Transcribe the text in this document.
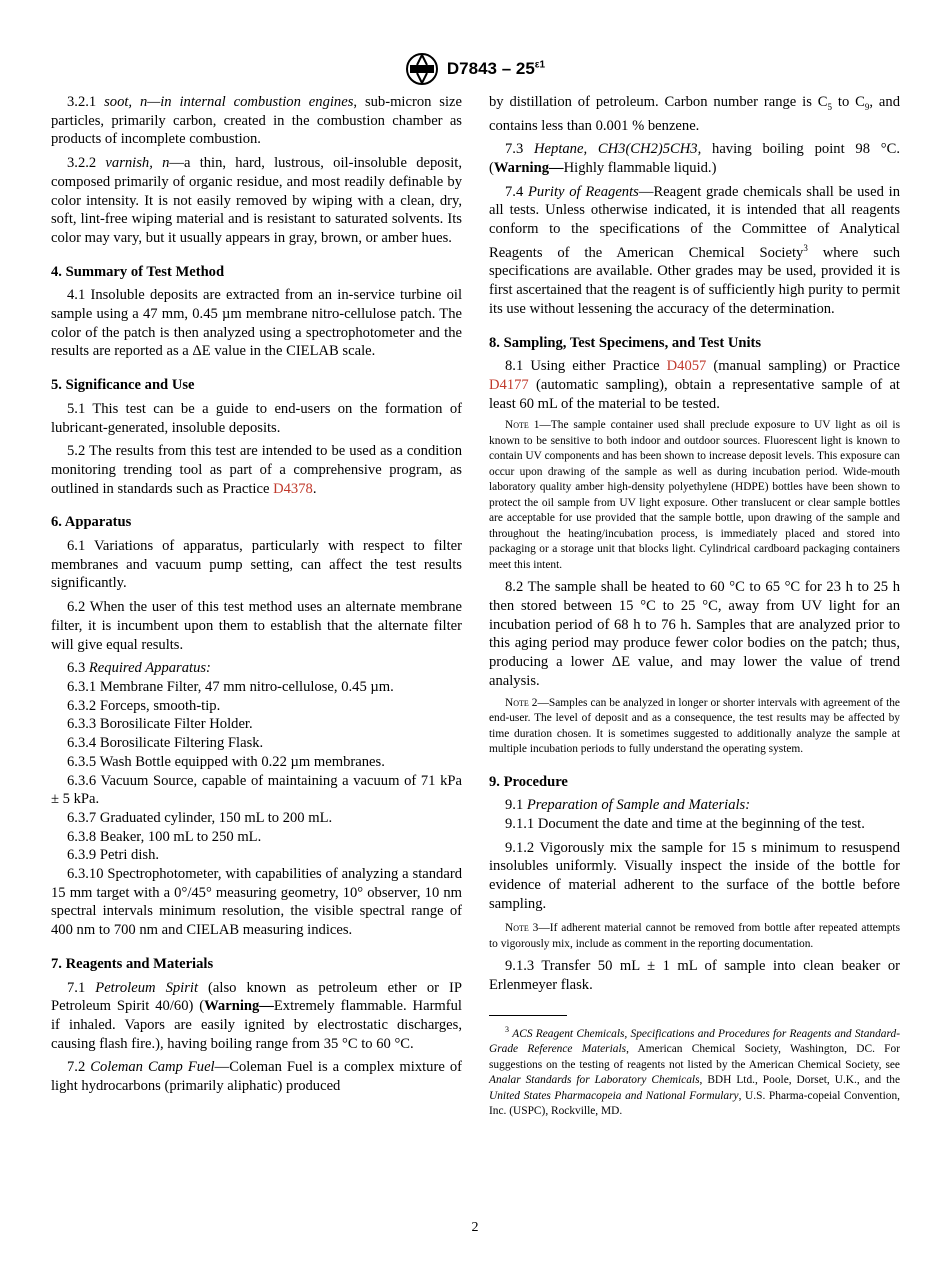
$D7843 - 25^{\varepsilon 1}$

3.2.1 soot, n—in internal combustion engines, sub-micron size particles, primarily carbon, created in the combustion chamber as products of incomplete combustion.

3.2.2 varnish, n—a thin, hard, lustrous, oil-insoluble deposit, composed primarily of organic residue, and most readily definable by color intensity. It is not easily removed by wiping with a clean, dry, soft, lint-free wiping material and is resistant to saturated solvents. Its color may vary, but it usually appears in gray, brown, or amber hues.

4. Summary of Test Method

4.1 Insoluble deposits are extracted from an in-service turbine oil sample using a 47 mm, 0.45 µm membrane nitro-cellulose patch. The color of the patch is then analyzed using a spectrophotometer and the results are reported as a ΔE value in the CIELAB scale.

5. Significance and Use

5.1 This test can be a guide to end-users on the formation of lubricant-generated, insoluble deposits.

5.2 The results from this test are intended to be used as a condition monitoring trending tool as part of a comprehensive program, as outlined in standards such as Practice D4378.

6. Apparatus

6.1 Variations of apparatus, particularly with respect to filter membranes and vacuum pump setting, can affect the test results significantly.

6.2 When the user of this test method uses an alternate membrane filter, it is incumbent upon them to establish that the alternate filter will give equal results.

6.3 Required Apparatus:

6.3.1 Membrane Filter, 47 mm nitro-cellulose, 0.45 µm.

6.3.2 Forceps, smooth-tip.

6.3.3 Borosilicate Filter Holder.

6.3.4 Borosilicate Filtering Flask.

6.3.5 Wash Bottle equipped with 0.22 µm membranes.

6.3.6 Vacuum Source, capable of maintaining a vacuum of 71 kPa ± 5 kPa.

6.3.7 Graduated cylinder, 150 mL to 200 mL.

6.3.8 Beaker, 100 mL to 250 mL.

6.3.9 Petri dish.

6.3.10 Spectrophotometer, with capabilities of analyzing a standard 15 mm target with a 0°/45° measuring geometry, 10° observer, 10 nm spectral intervals minimum resolution, the visible spectral range of 400 nm to 700 nm and CIELAB measuring indices.

7. Reagents and Materials

7.1 Petroleum Spirit (also known as petroleum ether or IP Petroleum Spirit 40/60) (Warning—Extremely flammable. Harmful if inhaled. Vapors are easily ignited by electrostatic discharges, causing flash fire.), having boiling range from 35 °C to 60 °C.

7.2 Coleman Camp Fuel—Coleman Fuel is a complex mixture of light hydrocarbons (primarily aliphatic) produced

by distillation of petroleum. Carbon number range is $C_5$ to $C_9$, and contains less than 0.001 % benzene.

7.3 Heptane, CH3(CH2)5CH3, having boiling point 98 °C. (Warning—Highly flammable liquid.)

7.4 Purity of Reagents—Reagent grade chemicals shall be used in all tests. Unless otherwise indicated, it is intended that all reagents conform to the specifications of the Committee of Analytical Reagents of the American Chemical Society$^3$ where such specifications are available. Other grades may be used, provided it is first ascertained that the reagent is of sufficiently high purity to permit its use without lessening the accuracy of the determination.

8. Sampling, Test Specimens, and Test Units

8.1 Using either Practice D4057 (manual sampling) or Practice D4177 (automatic sampling), obtain a representative sample of at least 60 mL of the material to be tested.

Note 1—The sample container used shall preclude exposure to UV light as oil is known to be sensitive to both indoor and outdoor sources. Fluorescent light is known to contain UV components and has been shown to increase deposit levels. This exposure can occur upon drawing of the sample as well as during incubation period. Wide-mouth laboratory quality amber high-density polyethylene (HDPE) bottles have been shown to protect the oil sample from UV light exposure. Other translucent or clear sample bottles are acceptable for use provided that the sample bottle, upon drawing of the sample and throughout the heating/incubation process, is immediately placed and stored into packaging or a storage unit that blocks light. Cylindrical cardboard packaging containers meet this intent.

8.2 The sample shall be heated to 60 °C to 65 °C for 23 h to 25 h then stored between 15 °C to 25 °C, away from UV light for an incubation period of 68 h to 76 h. Samples that are analyzed prior to this aging period may produce fewer color bodies on the patch; thus, producing a lower ΔE value, and may lower the value of trend analysis.

Note 2—Samples can be analyzed in longer or shorter intervals with agreement of the end-user. The level of deposit and as a consequence, the test results may be affected by time duration chosen. It is sometimes suggested to additionally analyze the sample at multiple incubation periods to fully understand the operating system.

9. Procedure

9.1 Preparation of Sample and Materials:

9.1.1 Document the date and time at the beginning of the test.

9.1.2 Vigorously mix the sample for 15 s minimum to resuspend insolubles uniformly. Visually inspect the inside of the bottle for evidence of material adherent to the surface of the bottle before sampling.

Note 3—If adherent material cannot be removed from bottle after repeated attempts to vigorously mix, include as comment in the reporting documentation.

9.1.3 Transfer 50 mL ± 1 mL of sample into clean beaker or Erlenmeyer flask.

$^3$ ACS Reagent Chemicals, Specifications and Procedures for Reagents and Standard-Grade Reference Materials, American Chemical Society, Washington, DC. For suggestions on the testing of reagents not listed by the American Chemical Society, see Analar Standards for Laboratory Chemicals, BDH Ltd., Poole, Dorset, U.K., and the United States Pharmacopeia and National Formulary, U.S. Pharma-copeial Convention, Inc. (USPC), Rockville, MD.

2
